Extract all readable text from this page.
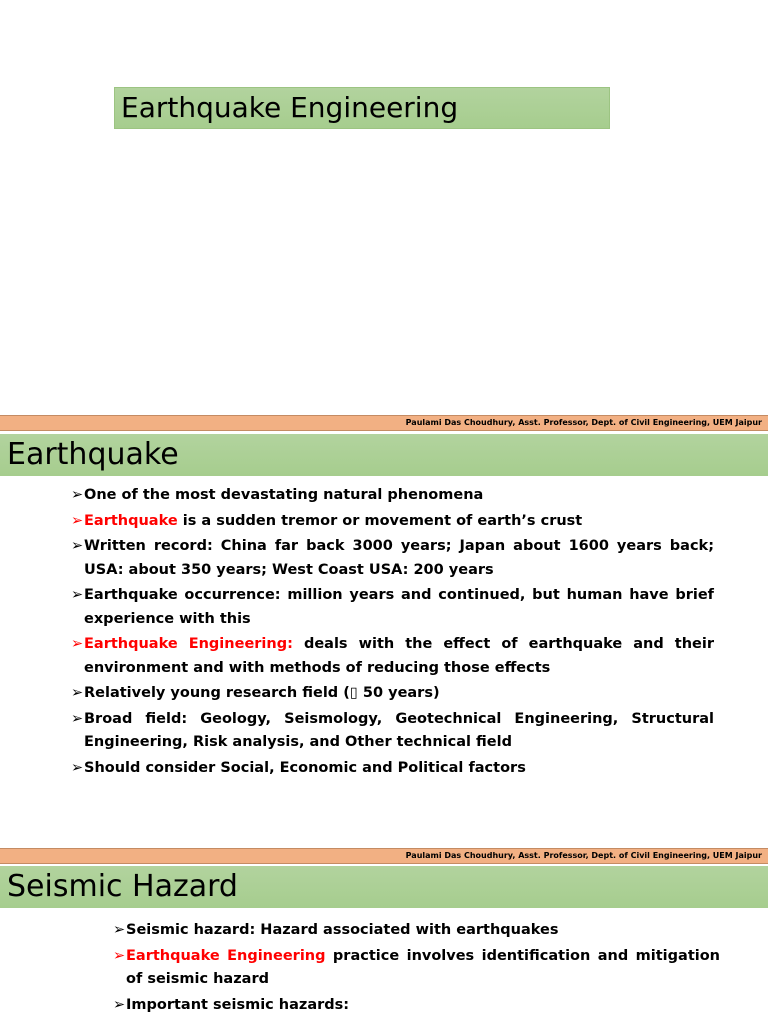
Earthquake Engineering
Paulami Das Choudhury, Asst. Professor, Dept. of Civil Engineering, UEM Jaipur
Earthquake
➢ One of the most devastating natural phenomena
➢ Earthquake is a sudden tremor or movement of earth’s crust
➢ Written record: China far back 3000 years; Japan about 1600 years back; USA: about 350 years; West Coast USA: 200 years
➢ Earthquake occurrence: million years and continued, but human have brief experience with this
➢ Earthquake Engineering: deals with the effect of earthquake and their environment and with methods of reducing those effects
➢ Relatively young research field (▯ 50 years)
➢ Broad field: Geology, Seismology, Geotechnical Engineering, Structural Engineering, Risk analysis, and Other technical field
➢ Should consider Social, Economic and Political factors
Paulami Das Choudhury, Asst. Professor, Dept. of Civil Engineering, UEM Jaipur
Seismic Hazard
➢ Seismic hazard: Hazard associated with earthquakes
➢ Earthquake Engineering practice involves identification and mitigation of seismic hazard
➢ Important seismic hazards:
